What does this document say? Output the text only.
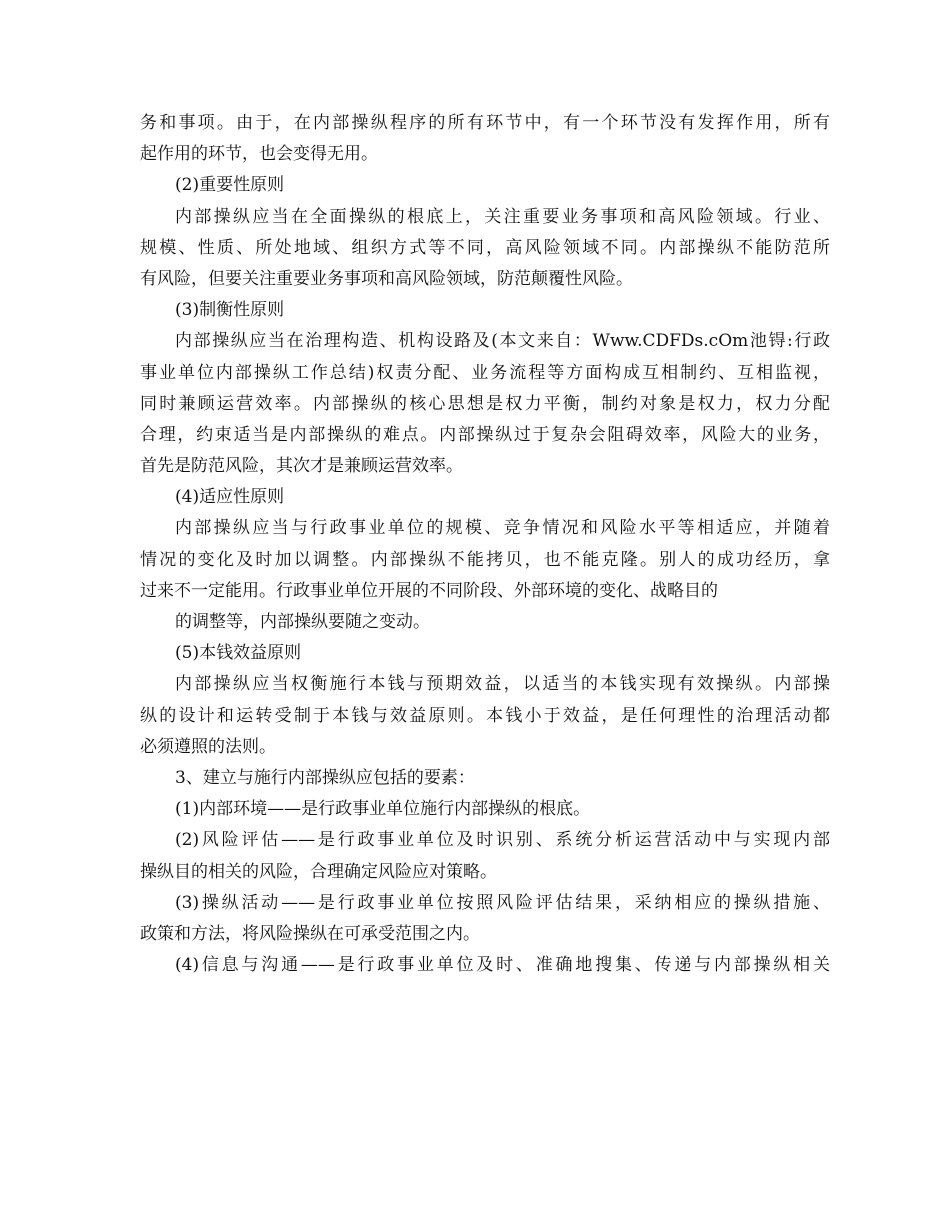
务和事项。由于，在内部操纵程序的所有环节中，有一个环节没有发挥作用，所有
起作用的环节，也会变得无用。
(2)重要性原则
内部操纵应当在全面操纵的根底上，关注重要业务事项和高风险领域。行业、
规模、性质、所处地域、组织方式等不同，高风险领域不同。内部操纵不能防范所
有风险，但要关注重要业务事项和高风险领域，防范颠覆性风险。
(3)制衡性原则
内部操纵应当在治理构造、机构设路及(本文来自：Www.CDFDs.cOm池锝:行政
事业单位内部操纵工作总结)权责分配、业务流程等方面构成互相制约、互相监视，
同时兼顾运营效率。内部操纵的核心思想是权力平衡，制约对象是权力，权力分配
合理，约束适当是内部操纵的难点。内部操纵过于复杂会阻碍效率，风险大的业务，
首先是防范风险，其次才是兼顾运营效率。
(4)适应性原则
内部操纵应当与行政事业单位的规模、竞争情况和风险水平等相适应，并随着
情况的变化及时加以调整。内部操纵不能拷贝，也不能克隆。别人的成功经历，拿
过来不一定能用。行政事业单位开展的不同阶段、外部环境的变化、战略目的
的调整等，内部操纵要随之变动。
(5)本钱效益原则
内部操纵应当权衡施行本钱与预期效益，以适当的本钱实现有效操纵。内部操
纵的设计和运转受制于本钱与效益原则。本钱小于效益，是任何理性的治理活动都
必须遵照的法则。
3、建立与施行内部操纵应包括的要素：
(1)内部环境——是行政事业单位施行内部操纵的根底。
(2)风险评估——是行政事业单位及时识别、系统分析运营活动中与实现内部
操纵目的相关的风险，合理确定风险应对策略。
(3)操纵活动——是行政事业单位按照风险评估结果，采纳相应的操纵措施、
政策和方法，将风险操纵在可承受范围之内。
(4)信息与沟通——是行政事业单位及时、准确地搜集、传递与内部操纵相关
